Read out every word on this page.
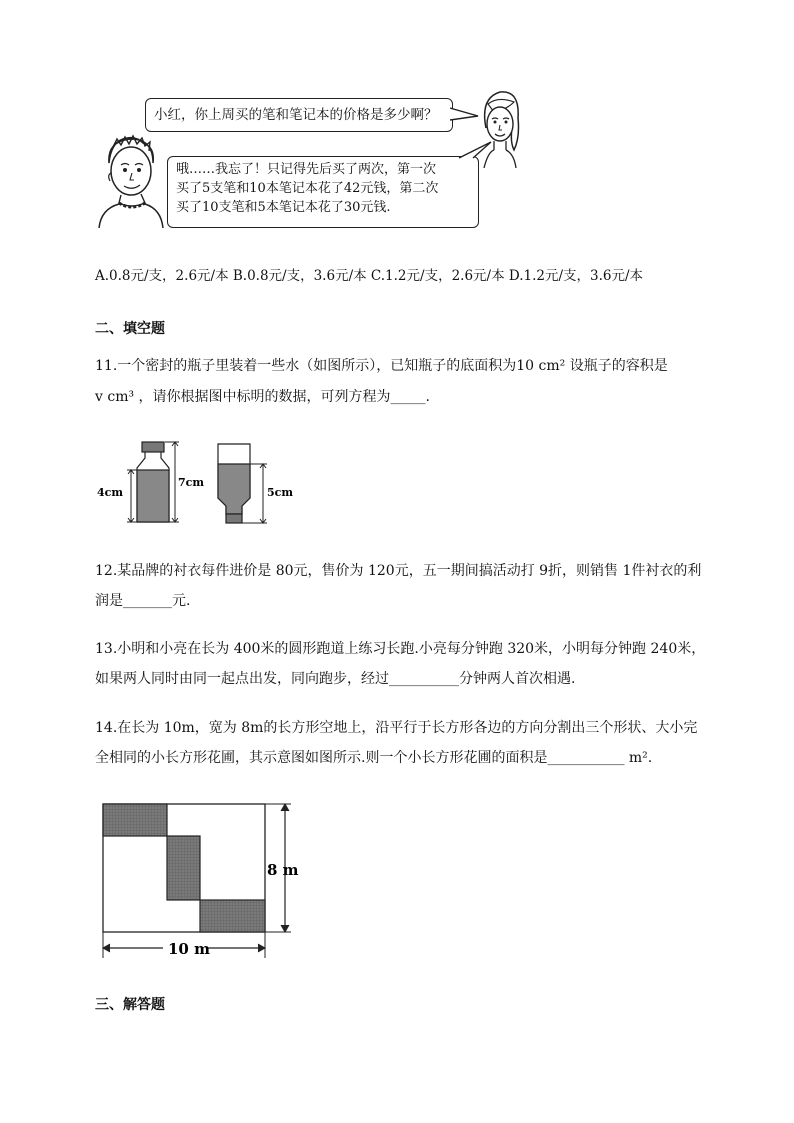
小红，你上周买的笔和笔记本的价格是多少啊？
哦……我忘了！只记得先后买了两次，第一次
买了5支笔和10本笔记本花了42元钱，第二次
买了10支笔和5本笔记本花了30元钱.
A.0.8元/支，2.6元/本 B.0.8元/支，3.6元/本 C.1.2元/支，2.6元/本 D.1.2元/支，3.6元/本
二、填空题
11.一个密封的瓶子里装着一些水（如图所示），已知瓶子的底面积为10 cm² 设瓶子的容积是
v cm³ ，请你根据图中标明的数据，可列方程为_____.
4cm
7cm
5cm
12.某品牌的衬衣每件进价是 80元，售价为 120元，五一期间搞活动打 9折，则销售 1件衬衣的利
润是_______元.
13.小明和小亮在长为 400米的圆形跑道上练习长跑.小亮每分钟跑 320米，小明每分钟跑 240米，
如果两人同时由同一起点出发，同向跑步，经过__________分钟两人首次相遇.
14.在长为 10m，宽为 8m的长方形空地上，沿平行于长方形各边的方向分割出三个形状、大小完
全相同的小长方形花圃，其示意图如图所示.则一个小长方形花圃的面积是___________ m².
8 m
10 m
三、解答题
